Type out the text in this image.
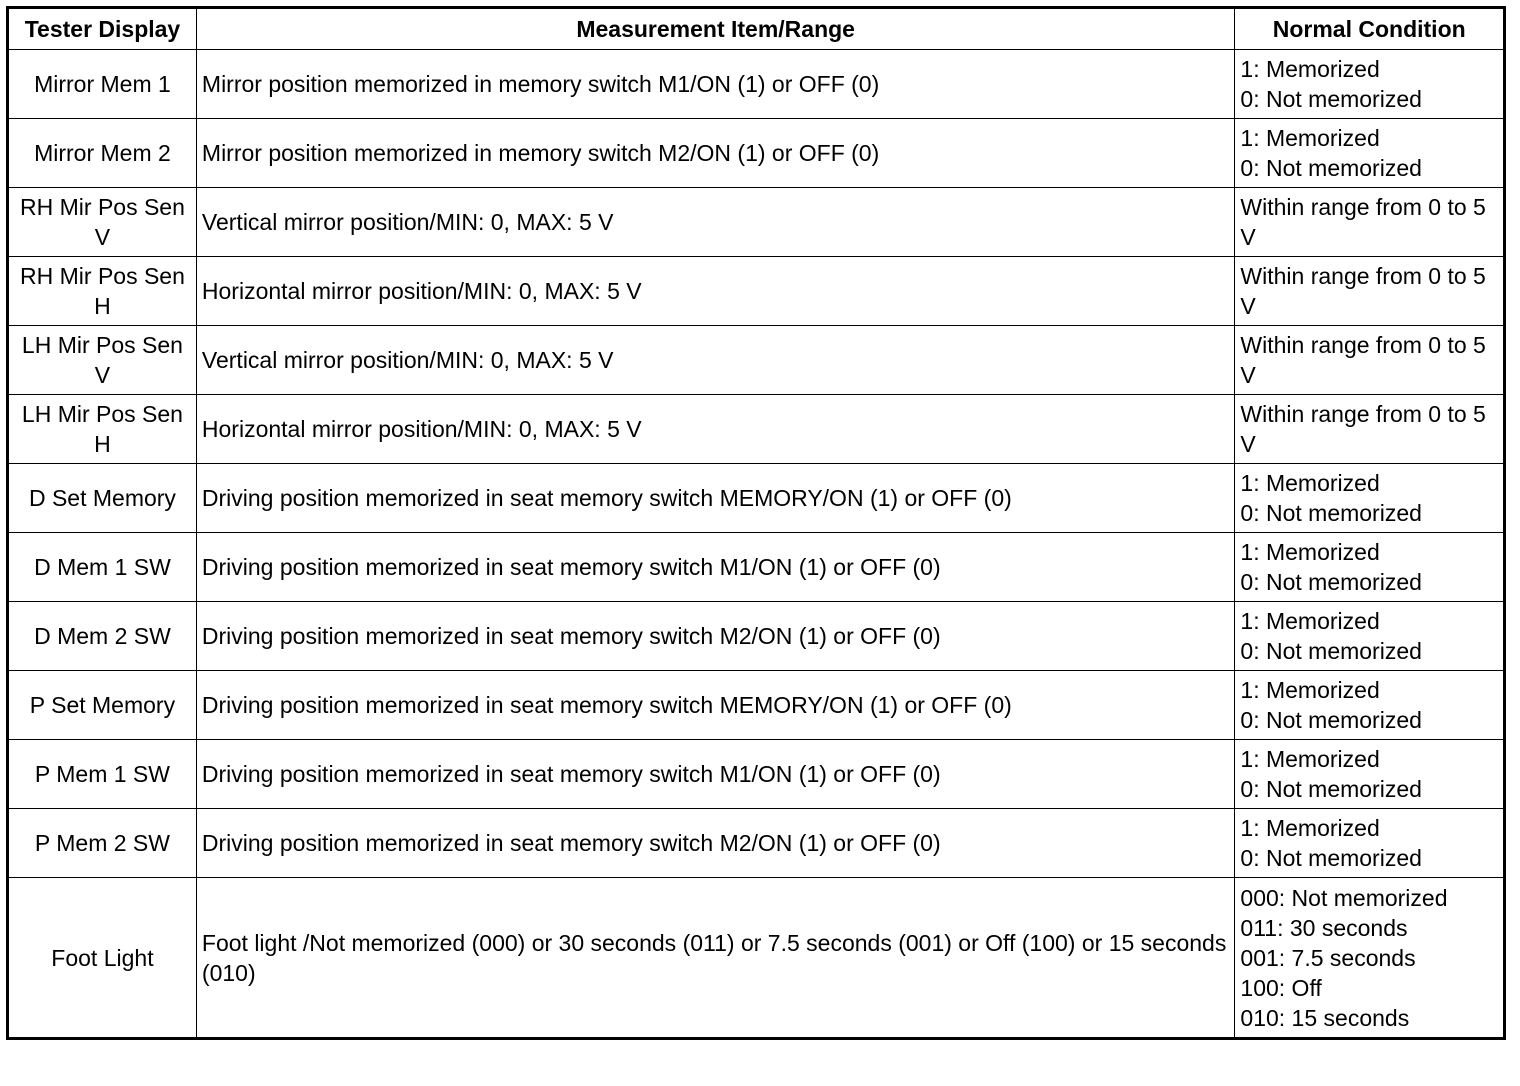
Tester Display	Measurement Item/Range	Normal Condition
Mirror Mem 1	Mirror position memorized in memory switch M1/ON (1) or OFF (0)	1: Memorized
0: Not memorized
Mirror Mem 2	Mirror position memorized in memory switch M2/ON (1) or OFF (0)	1: Memorized
0: Not memorized
RH Mir Pos Sen V	Vertical mirror position/MIN: 0, MAX: 5 V	Within range from 0 to 5 V
RH Mir Pos Sen H	Horizontal mirror position/MIN: 0, MAX: 5 V	Within range from 0 to 5 V
LH Mir Pos Sen V	Vertical mirror position/MIN: 0, MAX: 5 V	Within range from 0 to 5 V
LH Mir Pos Sen H	Horizontal mirror position/MIN: 0, MAX: 5 V	Within range from 0 to 5 V
D Set Memory	Driving position memorized in seat memory switch MEMORY/ON (1) or OFF (0)	1: Memorized
0: Not memorized
D Mem 1 SW	Driving position memorized in seat memory switch M1/ON (1) or OFF (0)	1: Memorized
0: Not memorized
D Mem 2 SW	Driving position memorized in seat memory switch M2/ON (1) or OFF (0)	1: Memorized
0: Not memorized
P Set Memory	Driving position memorized in seat memory switch MEMORY/ON (1) or OFF (0)	1: Memorized
0: Not memorized
P Mem 1 SW	Driving position memorized in seat memory switch M1/ON (1) or OFF (0)	1: Memorized
0: Not memorized
P Mem 2 SW	Driving position memorized in seat memory switch M2/ON (1) or OFF (0)	1: Memorized
0: Not memorized
Foot Light	Foot light /Not memorized (000) or 30 seconds (011) or 7.5 seconds (001) or Off (100) or 15 seconds (010)	000: Not memorized
011: 30 seconds
001: 7.5 seconds
100: Off
010: 15 seconds
